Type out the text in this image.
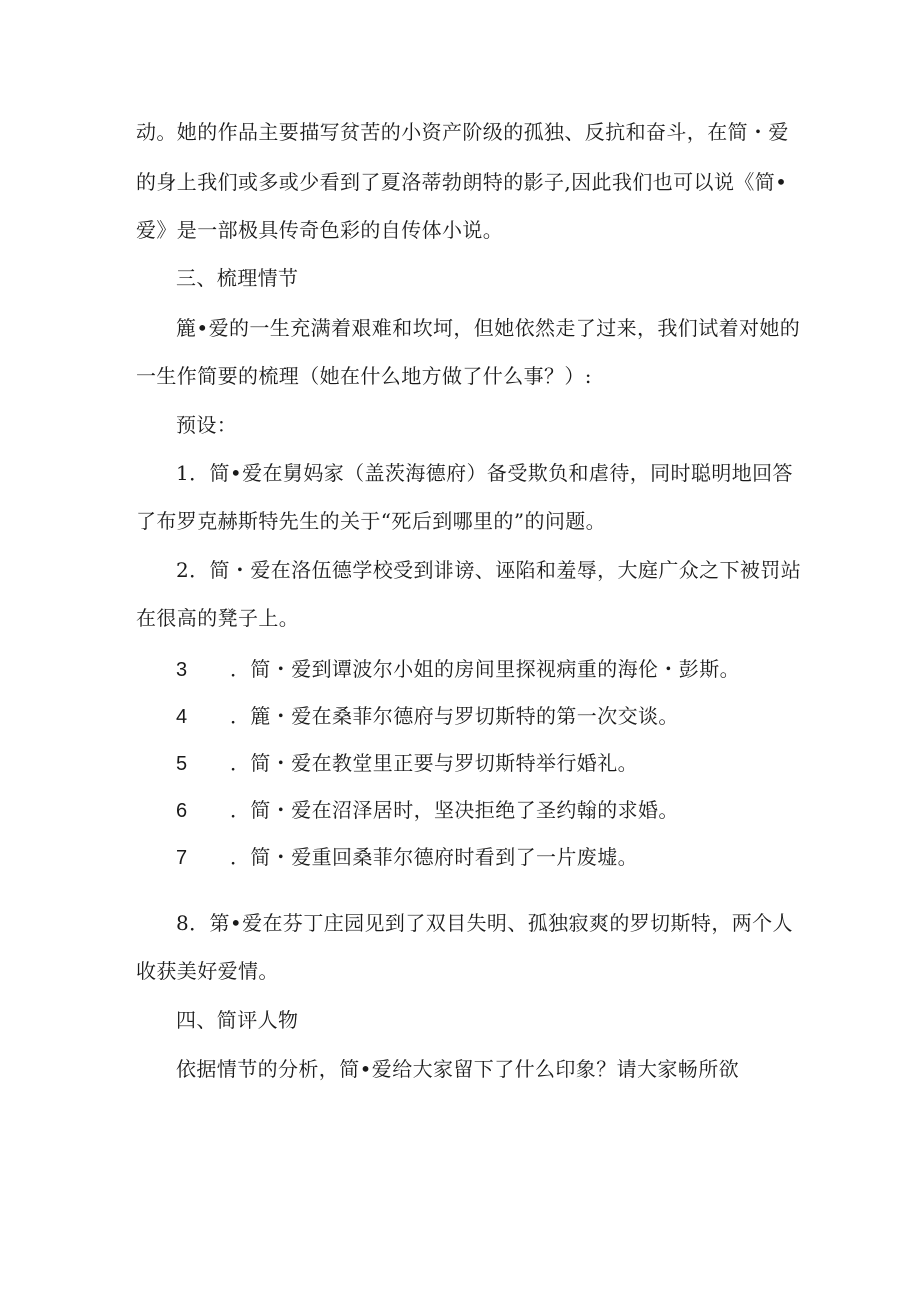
动。她的作品主要描写贫苦的小资产阶级的孤独、反抗和奋斗，在简・爱
的身上我们或多或少看到了夏洛蒂勃朗特的影子,因此我们也可以说《简•
爱》是一部极具传奇色彩的自传体小说。
三、梳理情节
簏•爱的一生充满着艰难和坎坷，但她依然走了过来，我们试着对她的
一生作简要的梳理（她在什么地方做了什么事？）:
预设：
1．简•爱在舅妈家（盖茨海德府）备受欺负和虐待，同时聪明地回答
了布罗克赫斯特先生的关于“死后到哪里的”的问题。
2．简・爱在洛伍德学校受到诽谤、诬陷和羞辱，大庭广众之下被罚站
在很高的凳子上。
3 ．简・爱到谭波尔小姐的房间里探视病重的海伦・彭斯。
4 ．簏・爱在桑菲尔德府与罗切斯特的第一次交谈。
5 ．简・爱在教堂里正要与罗切斯特举行婚礼。
6 ．简・爱在沼泽居时，坚决拒绝了圣约翰的求婚。
7 ．简・爱重回桑菲尔德府时看到了一片废墟。
8．第•爱在芬丁庄园见到了双目失明、孤独寂爽的罗切斯特，两个人
收获美好爱情。
四、简评人物
依据情节的分析，简•爱给大家留下了什么印象？请大家畅所欲
